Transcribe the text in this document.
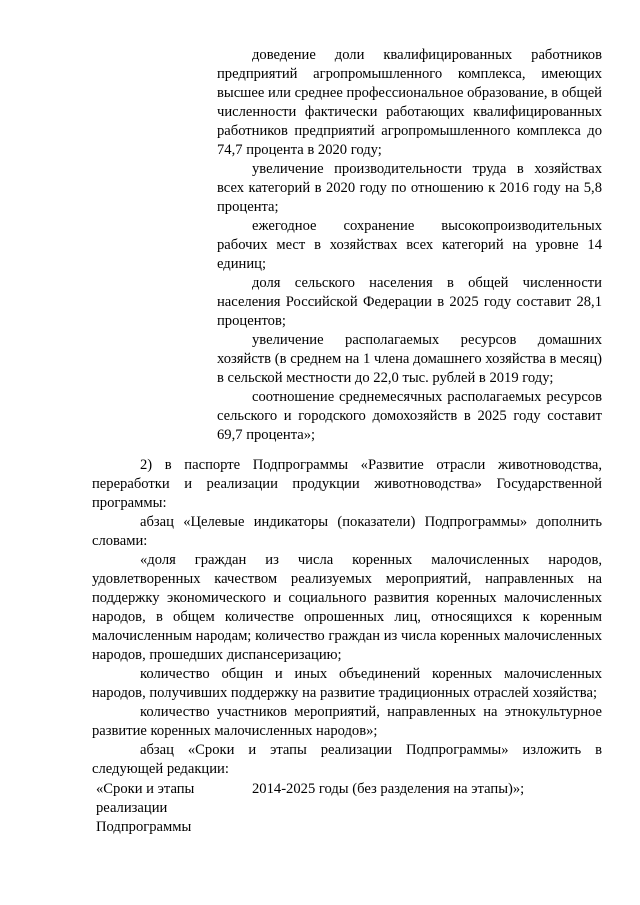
доведение доли квалифицированных работников предприятий агропромышленного комплекса, имеющих высшее или среднее профессиональное образование, в общей численности фактически работающих квалифицированных работников предприятий агропромышленного комплекса до 74,7 процента в 2020 году;

увеличение производительности труда в хозяйствах всех категорий в 2020 году по отношению к 2016 году на 5,8 процента;

ежегодное сохранение высокопроизводительных рабочих мест в хозяйствах всех категорий на уровне 14 единиц;

доля сельского населения в общей численности населения Российской Федерации в 2025 году составит 28,1 процентов;

увеличение располагаемых ресурсов домашних хозяйств (в среднем на 1 члена домашнего хозяйства в месяц) в сельской местности до 22,0 тыс. рублей в 2019 году;

соотношение среднемесячных располагаемых ресурсов сельского и городского домохозяйств в 2025 году составит 69,7 процента»;

2) в паспорте Подпрограммы «Развитие отрасли животноводства, переработки и реализации продукции животноводства» Государственной программы:

абзац «Целевые индикаторы (показатели) Подпрограммы» дополнить словами:

«доля граждан из числа коренных малочисленных народов, удовлетворенных качеством реализуемых мероприятий, направленных на поддержку экономического и социального развития коренных малочисленных народов, в общем количестве опрошенных лиц, относящихся к коренным малочисленным народам; количество граждан из числа коренных малочисленных народов, прошедших диспансеризацию;

количество общин и иных объединений коренных малочисленных народов, получивших поддержку на развитие традиционных отраслей хозяйства;

количество участников мероприятий, направленных на этнокультурное развитие коренных малочисленных народов»;

абзац «Сроки и этапы реализации Подпрограммы» изложить в следующей редакции:

«Сроки и этапы
реализации
Подпрограммы
2014-2025 годы (без разделения на этапы)»;
